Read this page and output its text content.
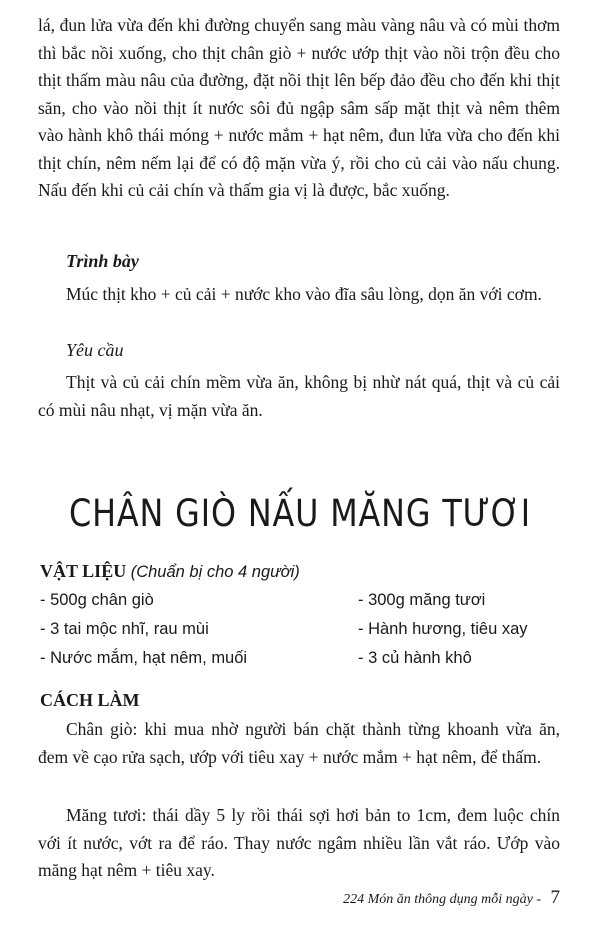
lá, đun lửa vừa đến khi đường chuyển sang màu vàng nâu và có mùi thơm thì bắc nồi xuống, cho thịt chân giò + nước ướp thịt vào nồi trộn đều cho thịt thấm màu nâu của đường, đặt nồi thịt lên bếp đảo đều cho đến khi thịt săn, cho vào nồi thịt ít nước sôi đủ ngập sâm sấp mặt thịt và nêm thêm vào hành khô thái móng + nước mắm + hạt nêm, đun lửa vừa cho đến khi thịt chín, nêm nếm lại để có độ mặn vừa ý, rồi cho củ cải vào nấu chung. Nấu đến khi củ cải chín và thấm gia vị là được, bắc xuống.

Trình bày

Múc thịt kho + củ cải + nước kho vào đĩa sâu lòng, dọn ăn với cơm.

Yêu cầu

Thịt và củ cải chín mềm vừa ăn, không bị nhừ nát quá, thịt và củ cải có mùi nâu nhạt, vị mặn vừa ăn.

CHÂN GIÒ NẤU MĂNG TƯƠI

VẬT LIỆU (Chuẩn bị cho 4 người)

- 500g chân giò
- 3 tai mộc nhĩ, rau mùi
- Nước mắm, hạt nêm, muối
- 300g măng tươi
- Hành hương, tiêu xay
- 3 củ hành khô

CÁCH LÀM

Chân giò: khi mua nhờ người bán chặt thành từng khoanh vừa ăn, đem về cạo rửa sạch, ướp với tiêu xay + nước mắm + hạt nêm, để thấm.

Măng tươi: thái dầy 5 ly rồi thái sợi hơi bản to 1cm, đem luộc chín với ít nước, vớt ra để ráo. Thay nước ngâm nhiều lần vắt ráo. Ướp vào măng hạt nêm + tiêu xay.

224 Món ăn thông dụng mỗi ngày - 7
